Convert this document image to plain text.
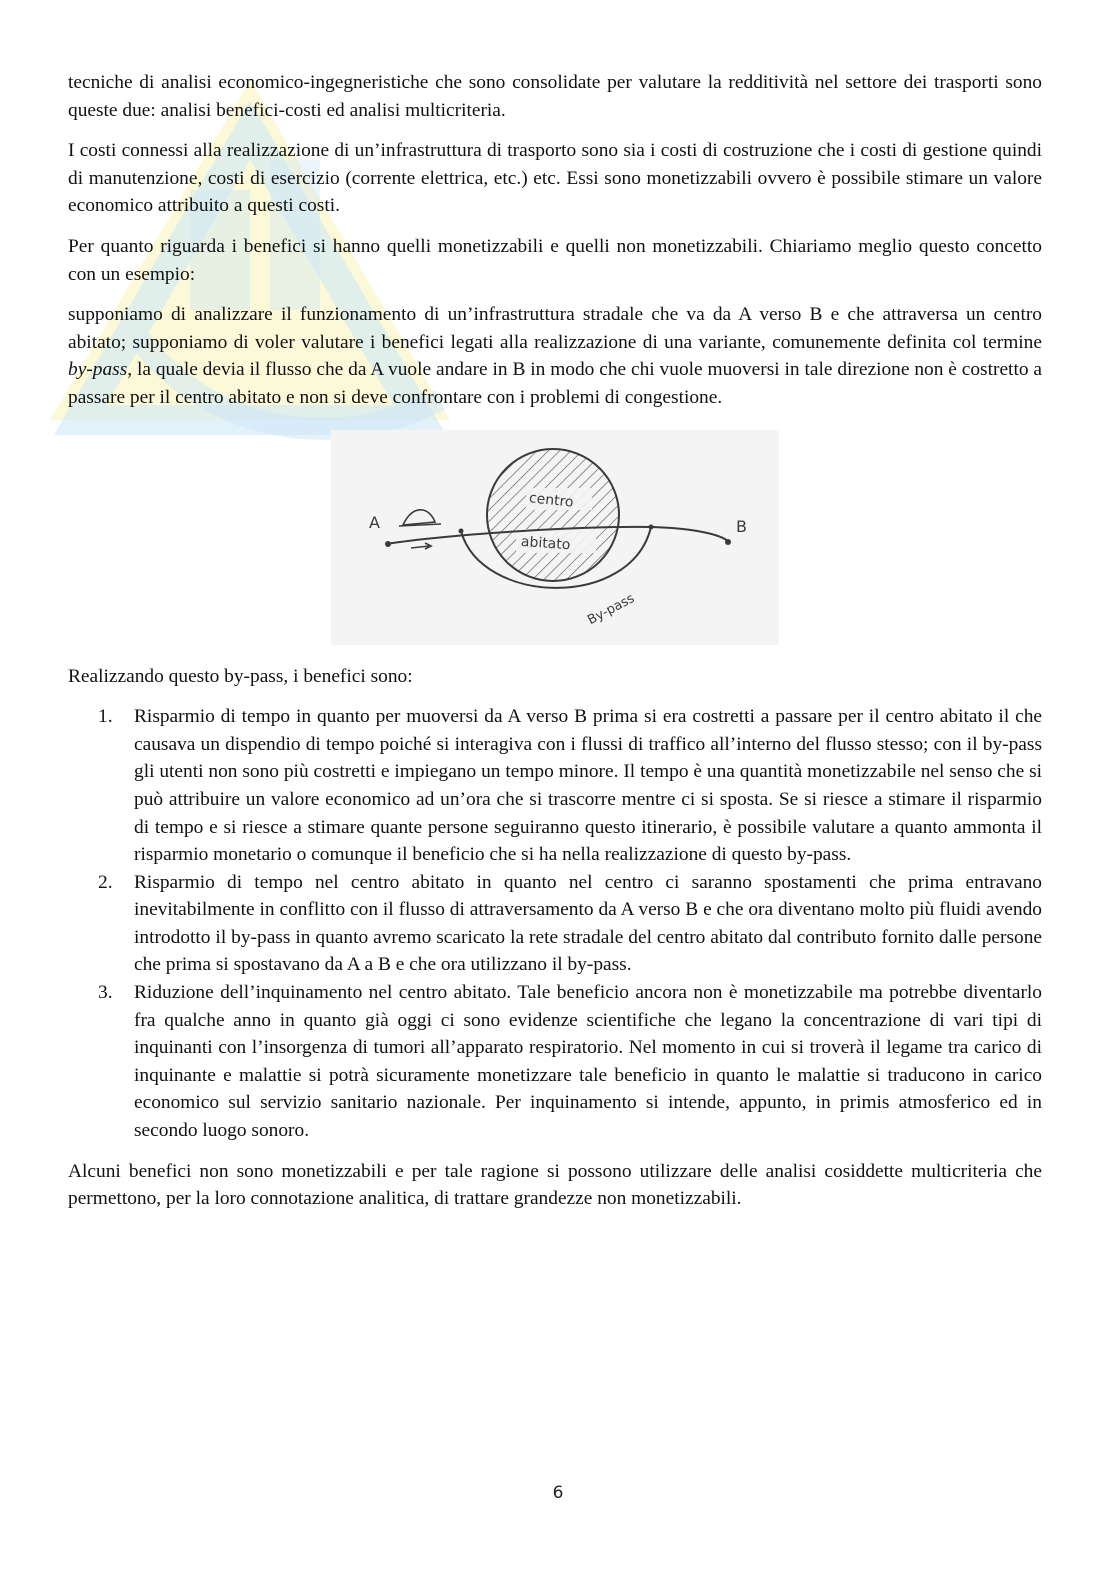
tecniche di analisi economico-ingegneristiche che sono consolidate per valutare la redditività nel settore dei trasporti sono queste due: analisi benefici-costi ed analisi multicriteria.

I costi connessi alla realizzazione di un’infrastruttura di trasporto sono sia i costi di costruzione che i costi di gestione quindi di manutenzione, costi di esercizio (corrente elettrica, etc.) etc. Essi sono monetizzabili ovvero è possibile stimare un valore economico attribuito a questi costi.

Per quanto riguarda i benefici si hanno quelli monetizzabili e quelli non monetizzabili. Chiariamo meglio questo concetto con un esempio:

supponiamo di analizzare il funzionamento di un’infrastruttura stradale che va da A verso B e che attraversa un centro abitato; supponiamo di voler valutare i benefici legati alla realizzazione di una variante, comunemente definita col termine by-pass, la quale devia il flusso che da A vuole andare in B in modo che chi vuole muoversi in tale direzione non è costretto a passare per il centro abitato e non si deve confrontare con i problemi di congestione.

A	B
centro
abitato
By-pass

Realizzando questo by-pass, i benefici sono:

1. Risparmio di tempo in quanto per muoversi da A verso B prima si era costretti a passare per il centro abitato il che causava un dispendio di tempo poiché si interagiva con i flussi di traffico all’interno del flusso stesso; con il by-pass gli utenti non sono più costretti e impiegano un tempo minore. Il tempo è una quantità monetizzabile nel senso che si può attribuire un valore economico ad un’ora che si trascorre mentre ci si sposta. Se si riesce a stimare il risparmio di tempo e si riesce a stimare quante persone seguiranno questo itinerario, è possibile valutare a quanto ammonta il risparmio monetario o comunque il beneficio che si ha nella realizzazione di questo by-pass.
2. Risparmio di tempo nel centro abitato in quanto nel centro ci saranno spostamenti che prima entravano inevitabilmente in conflitto con il flusso di attraversamento da A verso B e che ora diventano molto più fluidi avendo introdotto il by-pass in quanto avremo scaricato la rete stradale del centro abitato dal contributo fornito dalle persone che prima si spostavano da A a B e che ora utilizzano il by-pass.
3. Riduzione dell’inquinamento nel centro abitato. Tale beneficio ancora non è monetizzabile ma potrebbe diventarlo fra qualche anno in quanto già oggi ci sono evidenze scientifiche che legano la concentrazione di vari tipi di inquinanti con l’insorgenza di tumori all’apparato respiratorio. Nel momento in cui si troverà il legame tra carico di inquinante e malattie si potrà sicuramente monetizzare tale beneficio in quanto le malattie si traducono in carico economico sul servizio sanitario nazionale. Per inquinamento si intende, appunto, in primis atmosferico ed in secondo luogo sonoro.

Alcuni benefici non sono monetizzabili e per tale ragione si possono utilizzare delle analisi cosiddette multicriteria che permettono, per la loro connotazione analitica, di trattare grandezze non monetizzabili.

6
